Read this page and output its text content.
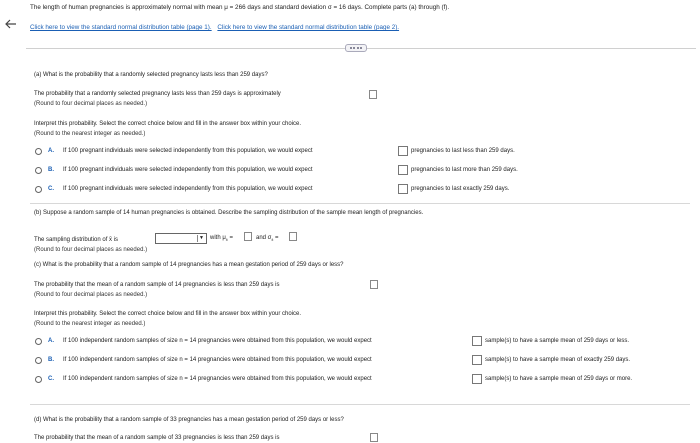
The length of human pregnancies is approximately normal with mean μ = 266 days and standard deviation σ = 16 days. Complete parts (a) through (f).
Click here to view the standard normal distribution table (page 1). Click here to view the standard normal distribution table (page 2).
(a) What is the probability that a randomly selected pregnancy lasts less than 259 days?
The probability that a randomly selected pregnancy lasts less than 259 days is approximately
(Round to four decimal places as needed.)
Interpret this probability. Select the correct choice below and fill in the answer box within your choice.
(Round to the nearest integer as needed.)
A. If 100 pregnant individuals were selected independently from this population, we would expect	pregnancies to last less than 259 days.
B. If 100 pregnant individuals were selected independently from this population, we would expect	pregnancies to last more than 259 days.
C. If 100 pregnant individuals were selected independently from this population, we would expect	pregnancies to last exactly 259 days.
(b) Suppose a random sample of 14 human pregnancies is obtained. Describe the sampling distribution of the sample mean length of pregnancies.
The sampling distribution of x̄ is	▼ with $\mu_{x̄}$ =	and $\sigma_{x̄}$ =
(Round to four decimal places as needed.)
(c) What is the probability that a random sample of 14 pregnancies has a mean gestation period of 259 days or less?
The probability that the mean of a random sample of 14 pregnancies is less than 259 days is
(Round to four decimal places as needed.)
Interpret this probability. Select the correct choice below and fill in the answer box within your choice.
(Round to the nearest integer as needed.)
A. If 100 independent random samples of size n = 14 pregnancies were obtained from this population, we would expect	sample(s) to have a sample mean of 259 days or less.
B. If 100 independent random samples of size n = 14 pregnancies were obtained from this population, we would expect	sample(s) to have a sample mean of exactly 259 days.
C. If 100 independent random samples of size n = 14 pregnancies were obtained from this population, we would expect	sample(s) to have a sample mean of 259 days or more.
(d) What is the probability that a random sample of 33 pregnancies has a mean gestation period of 259 days or less?
The probability that the mean of a random sample of 33 pregnancies is less than 259 days is
